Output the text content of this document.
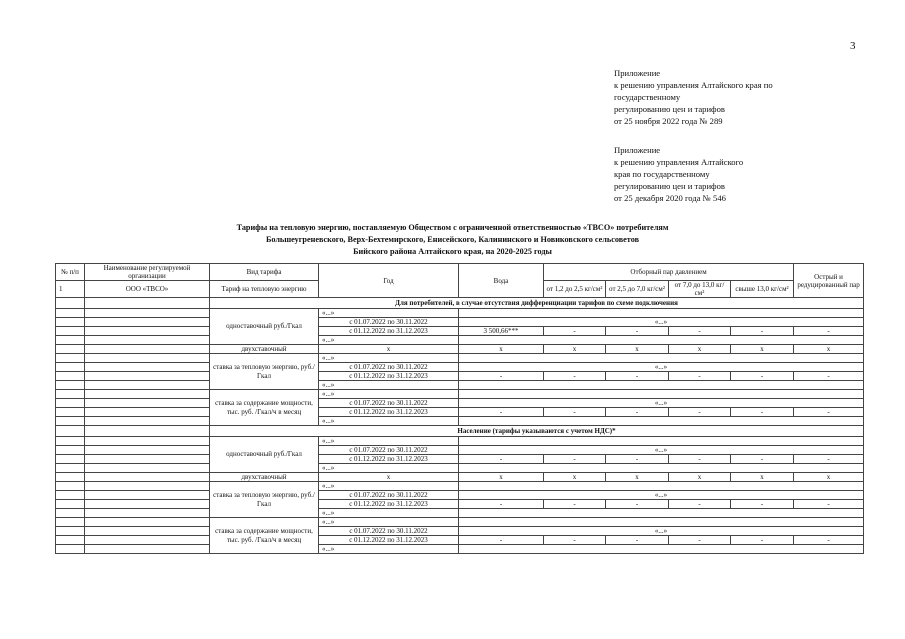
3
Приложение
к решению управления Алтайского края по
государственному
регулированию цен и тарифов
от 25 ноября 2022 года № 289
Приложение
к решению управления Алтайского
края по государственному
регулированию цен и тарифов
от 25 декабря 2020 года № 546
Тарифы на тепловую энергию, поставляемую Обществом с ограниченной ответственностью «ТВСО» потребителям
Большеугреневского, Верх-Бехтемирского, Енисейского, Калининского и Новиковского сельсоветов
Бийского района Алтайского края, на 2020-2025 годы
№ п/п	Наименование регулируемой организации	Вид тарифа	Год	Вода	Отборный пар давлением				Острый и редуцированный пар
1	ООО «ТВСО»	Тариф на тепловую энергию			от 1,2 до 2,5 кг/см²	от 2,5 до 7,0 кг/см²	от 7,0 до 13,0 кг/см²	свыше 13,0 кг/см²	
		Для потребителей, в случае отсутствия дифференциации тарифов по схеме подключения							
		одноставочный руб./Гкал	«...»						
			с 01.07.2022 по 30.11.2022	«...»					
			с 01.12.2022 по 31.12.2023	3 500,66***	-	-	-	-	-
			«...»						
		двухставочный	х	х	х	х	х	х	х
		ставка за тепловую энергию, руб./Гкал	«...»						
			с 01.07.2022 по 30.11.2022	«...»					
			с 01.12.2022 по 31.12.2023	-	-	-	-	-	-
			«...»						
		ставка за содержание мощности, тыс. руб. /Гкал/ч в месяц	«...»						
			с 01.07.2022 по 30.11.2022	«...»					
			с 01.12.2022 по 31.12.2023	-	-	-	-	-	-
			«...»						
		Население (тарифы указываются с учетом НДС)*							
		одноставочный руб./Гкал	«...»						
			с 01.07.2022 по 30.11.2022	«...»					
			с 01.12.2022 по 31.12.2023	-	-	-	-	-	-
			«...»						
		двухставочный	х	х	х	х	х	х	х
		ставка за тепловую энергию, руб./Гкал	«...»						
			с 01.07.2022 по 30.11.2022	«...»					
			с 01.12.2022 по 31.12.2023	-	-	-	-	-	-
			«...»						
		ставка за содержание мощности, тыс. руб. /Гкал/ч в месяц	«...»						
			с 01.07.2022 по 30.11.2022	«...»					
			с 01.12.2022 по 31.12.2023	-	-	-	-	-	-
			«...»						
